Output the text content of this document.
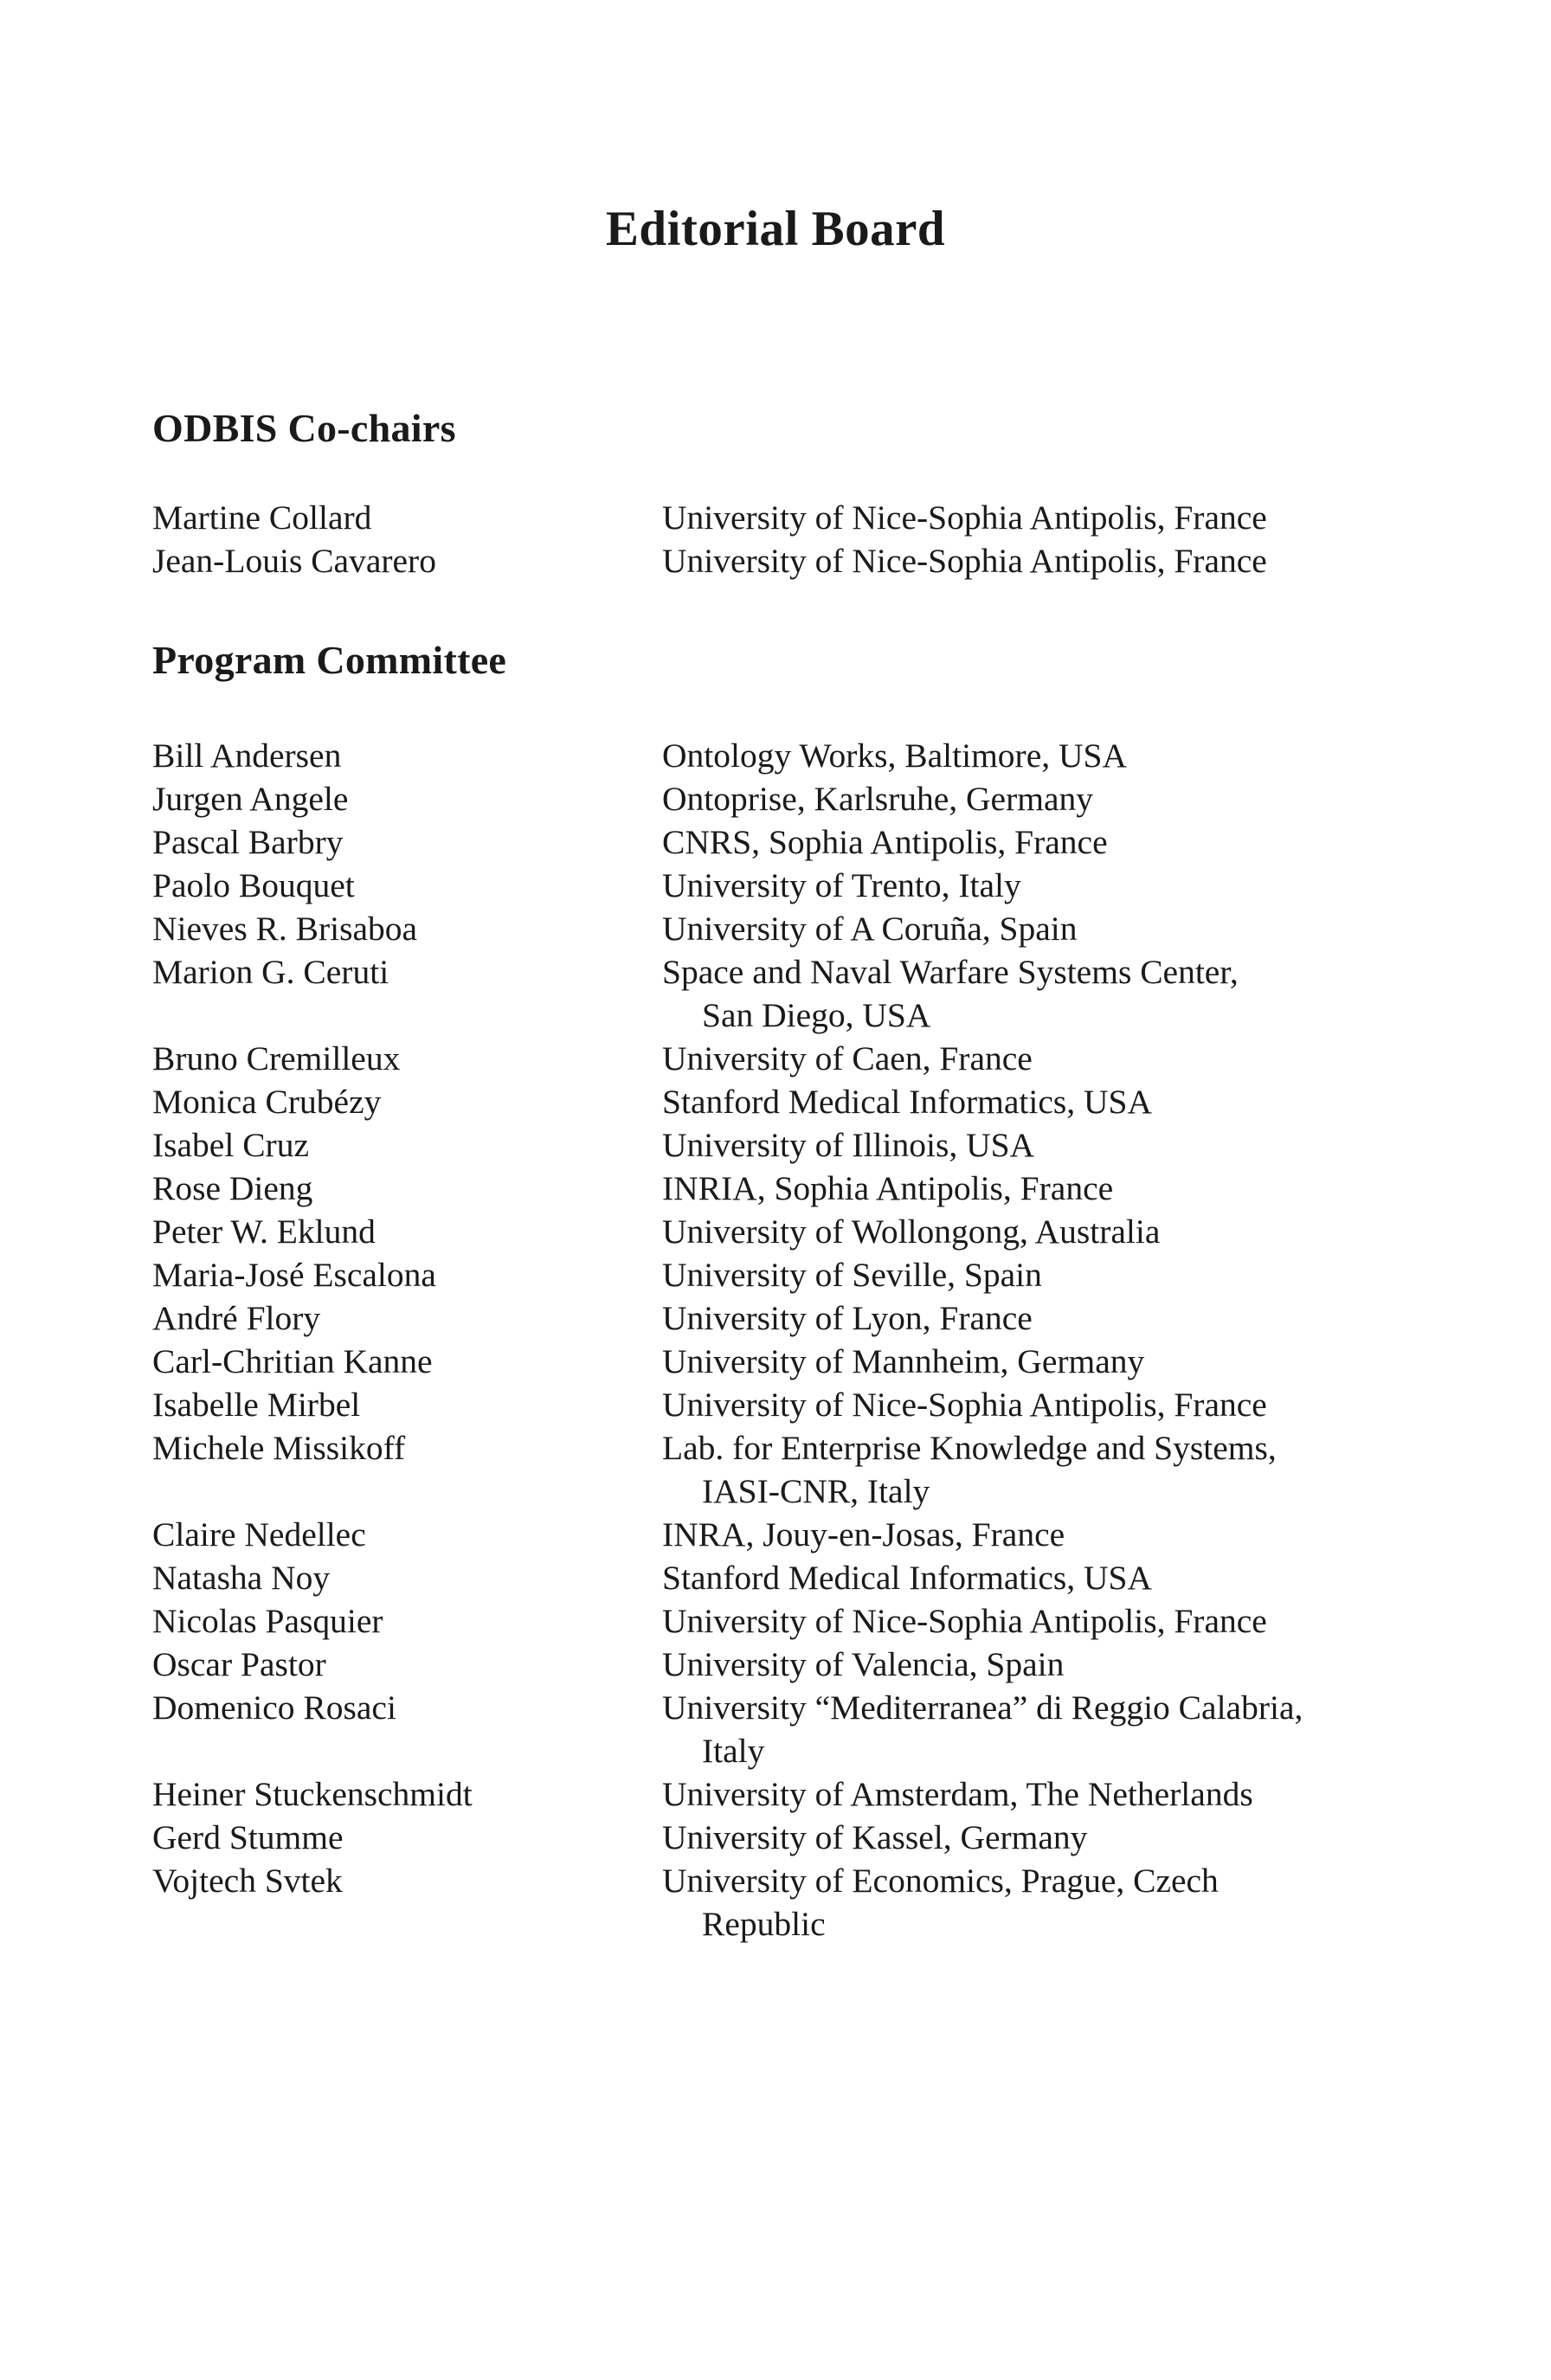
Editorial Board
ODBIS Co-chairs
Martine Collard	University of Nice-Sophia Antipolis, France
Jean-Louis Cavarero	University of Nice-Sophia Antipolis, France
Program Committee
Bill Andersen	Ontology Works, Baltimore, USA
Jurgen Angele	Ontoprise, Karlsruhe, Germany
Pascal Barbry	CNRS, Sophia Antipolis, France
Paolo Bouquet	University of Trento, Italy
Nieves R. Brisaboa	University of A Coruña, Spain
Marion G. Ceruti	Space and Naval Warfare Systems Center,
San Diego, USA
Bruno Cremilleux	University of Caen, France
Monica Crubézy	Stanford Medical Informatics, USA
Isabel Cruz	University of Illinois, USA
Rose Dieng	INRIA, Sophia Antipolis, France
Peter W. Eklund	University of Wollongong, Australia
Maria-José Escalona	University of Seville, Spain
André Flory	University of Lyon, France
Carl-Chritian Kanne	University of Mannheim, Germany
Isabelle Mirbel	University of Nice-Sophia Antipolis, France
Michele Missikoff	Lab. for Enterprise Knowledge and Systems,
IASI-CNR, Italy
Claire Nedellec	INRA, Jouy-en-Josas, France
Natasha Noy	Stanford Medical Informatics, USA
Nicolas Pasquier	University of Nice-Sophia Antipolis, France
Oscar Pastor	University of Valencia, Spain
Domenico Rosaci	University “Mediterranea” di Reggio Calabria,
Italy
Heiner Stuckenschmidt	University of Amsterdam, The Netherlands
Gerd Stumme	University of Kassel, Germany
Vojtech Svtek	University of Economics, Prague, Czech
Republic
